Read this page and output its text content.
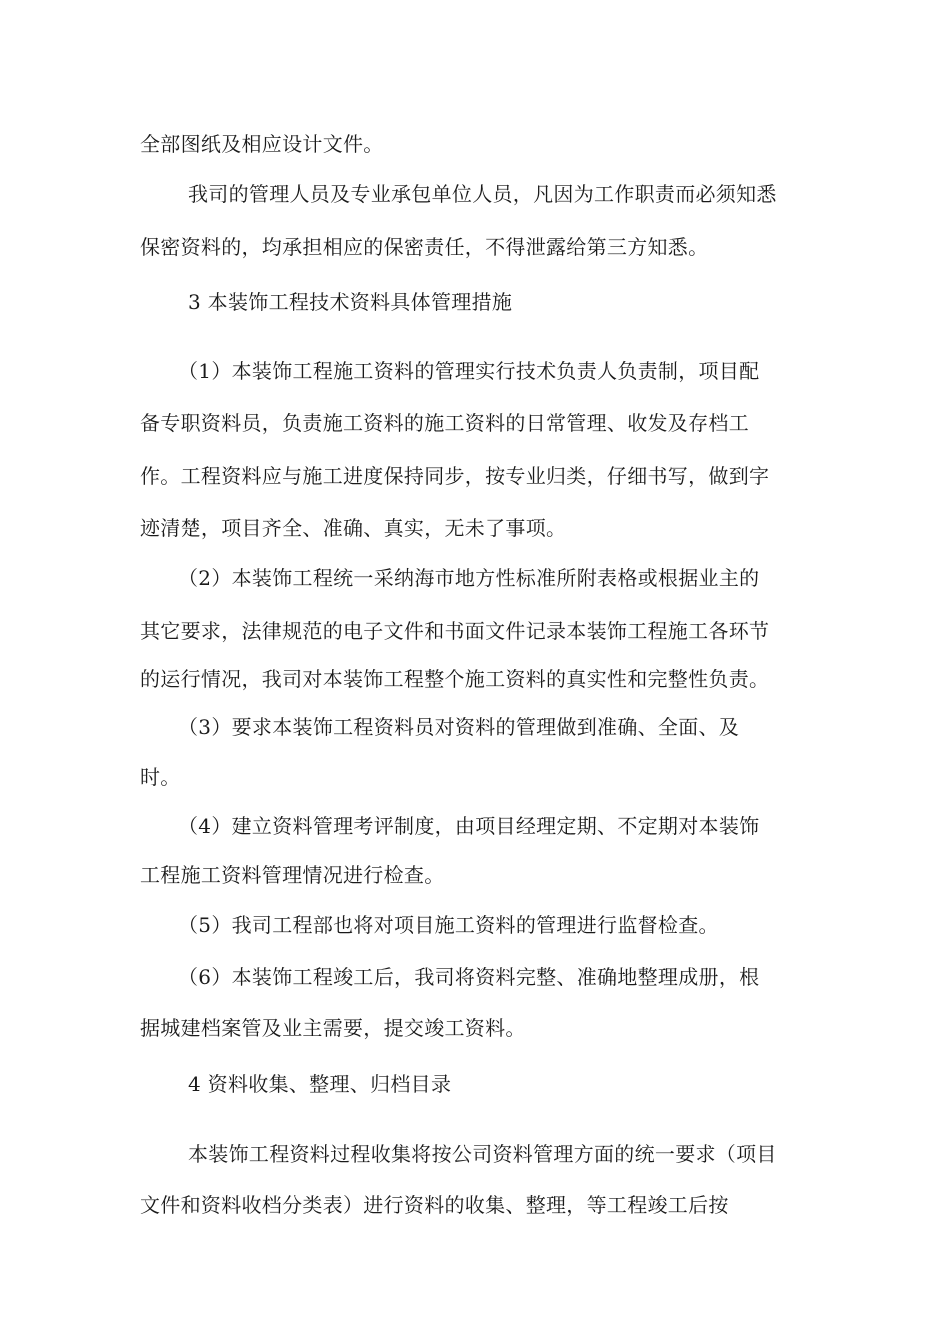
全部图纸及相应设计文件。
我司的管理人员及专业承包单位人员，凡因为工作职责而必须知悉
保密资料的，均承担相应的保密责任，不得泄露给第三方知悉。
3 本装饰工程技术资料具体管理措施
（1）本装饰工程施工资料的管理实行技术负责人负责制，项目配
备专职资料员，负责施工资料的施工资料的日常管理、收发及存档工
作。工程资料应与施工进度保持同步，按专业归类，仔细书写，做到字
迹清楚，项目齐全、准确、真实，无未了事项。
（2）本装饰工程统一采纳海市地方性标准所附表格或根据业主的
其它要求，法律规范的电子文件和书面文件记录本装饰工程施工各环节
的运行情况，我司对本装饰工程整个施工资料的真实性和完整性负责。
（3）要求本装饰工程资料员对资料的管理做到准确、全面、及
时。
（4）建立资料管理考评制度，由项目经理定期、不定期对本装饰
工程施工资料管理情况进行检查。
（5）我司工程部也将对项目施工资料的管理进行监督检查。
（6）本装饰工程竣工后，我司将资料完整、准确地整理成册，根
据城建档案管及业主需要，提交竣工资料。
4 资料收集、整理、归档目录
本装饰工程资料过程收集将按公司资料管理方面的统一要求（项目
文件和资料收档分类表）进行资料的收集、整理，等工程竣工后按
